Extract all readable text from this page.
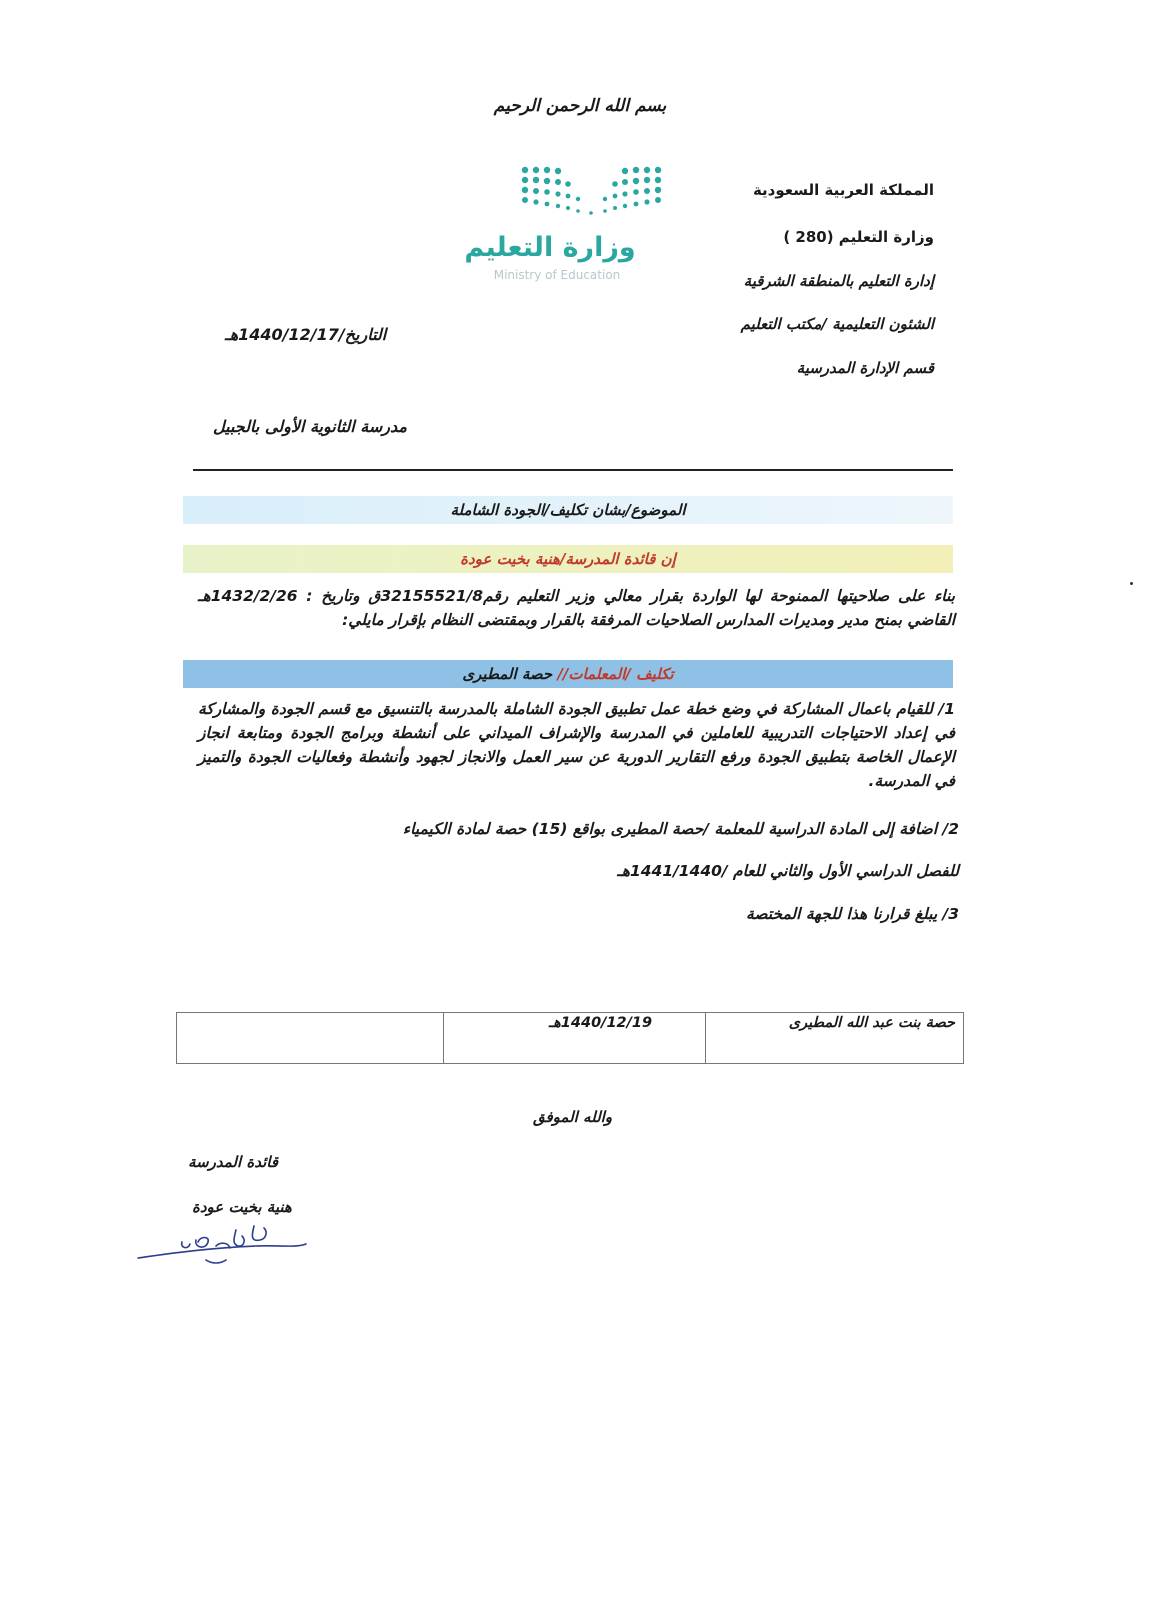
بسم الله الرحمن الرحيم
المملكة العربية السعودية
وزارة التعليم (280 )
إدارة التعليم بالمنطقة الشرقية
الشئون التعليمية /مكتب التعليم
قسم الإدارة المدرسية
وزارة التعليم
Ministry of Education
التاريخ/1440/12/17هـ
مدرسة الثانوية الأولى بالجبيل
الموضوع/بشان تكليف/الجودة الشاملة
إن قائدة المدرسة/هنية بخيت عودة
بناء على صلاحيتها الممنوحة لها الواردة بقرار معالي وزير التعليم رقم32155521/8ق وتاريخ : 1432/2/26هـ القاضي بمنح مدير ومديرات المدارس الصلاحيات المرفقة بالقرار وبمقتضى النظام بإقرار مايلي:
تكليف /المعلمات// حصة المطيرى
1/ للقيام باعمال المشاركة في وضع خطة عمل تطبيق الجودة الشاملة بالمدرسة بالتنسيق مع قسم الجودة والمشاركة في إعداد الاحتياجات التدريبية للعاملين في المدرسة والإشراف الميداني على أنشطة وبرامج الجودة ومتابعة انجاز الإعمال الخاصة بتطبيق الجودة ورفع التقارير الدورية عن سير العمل والانجاز لجهود وأنشطة وفعاليات الجودة والتميز في المدرسة.
2/ اضافة إلى المادة الدراسية للمعلمة /حصة المطيرى بواقع (15) حصة لمادة الكيمياء
للفصل الدراسي الأول والثاني للعام /1441/1440هـ
3/ يبلغ قرارنا هذا للجهة المختصة
حصة بنت عبد الله المطيرى
1440/12/19هـ
والله الموفق
قائدة المدرسة
هنية بخيت عودة
